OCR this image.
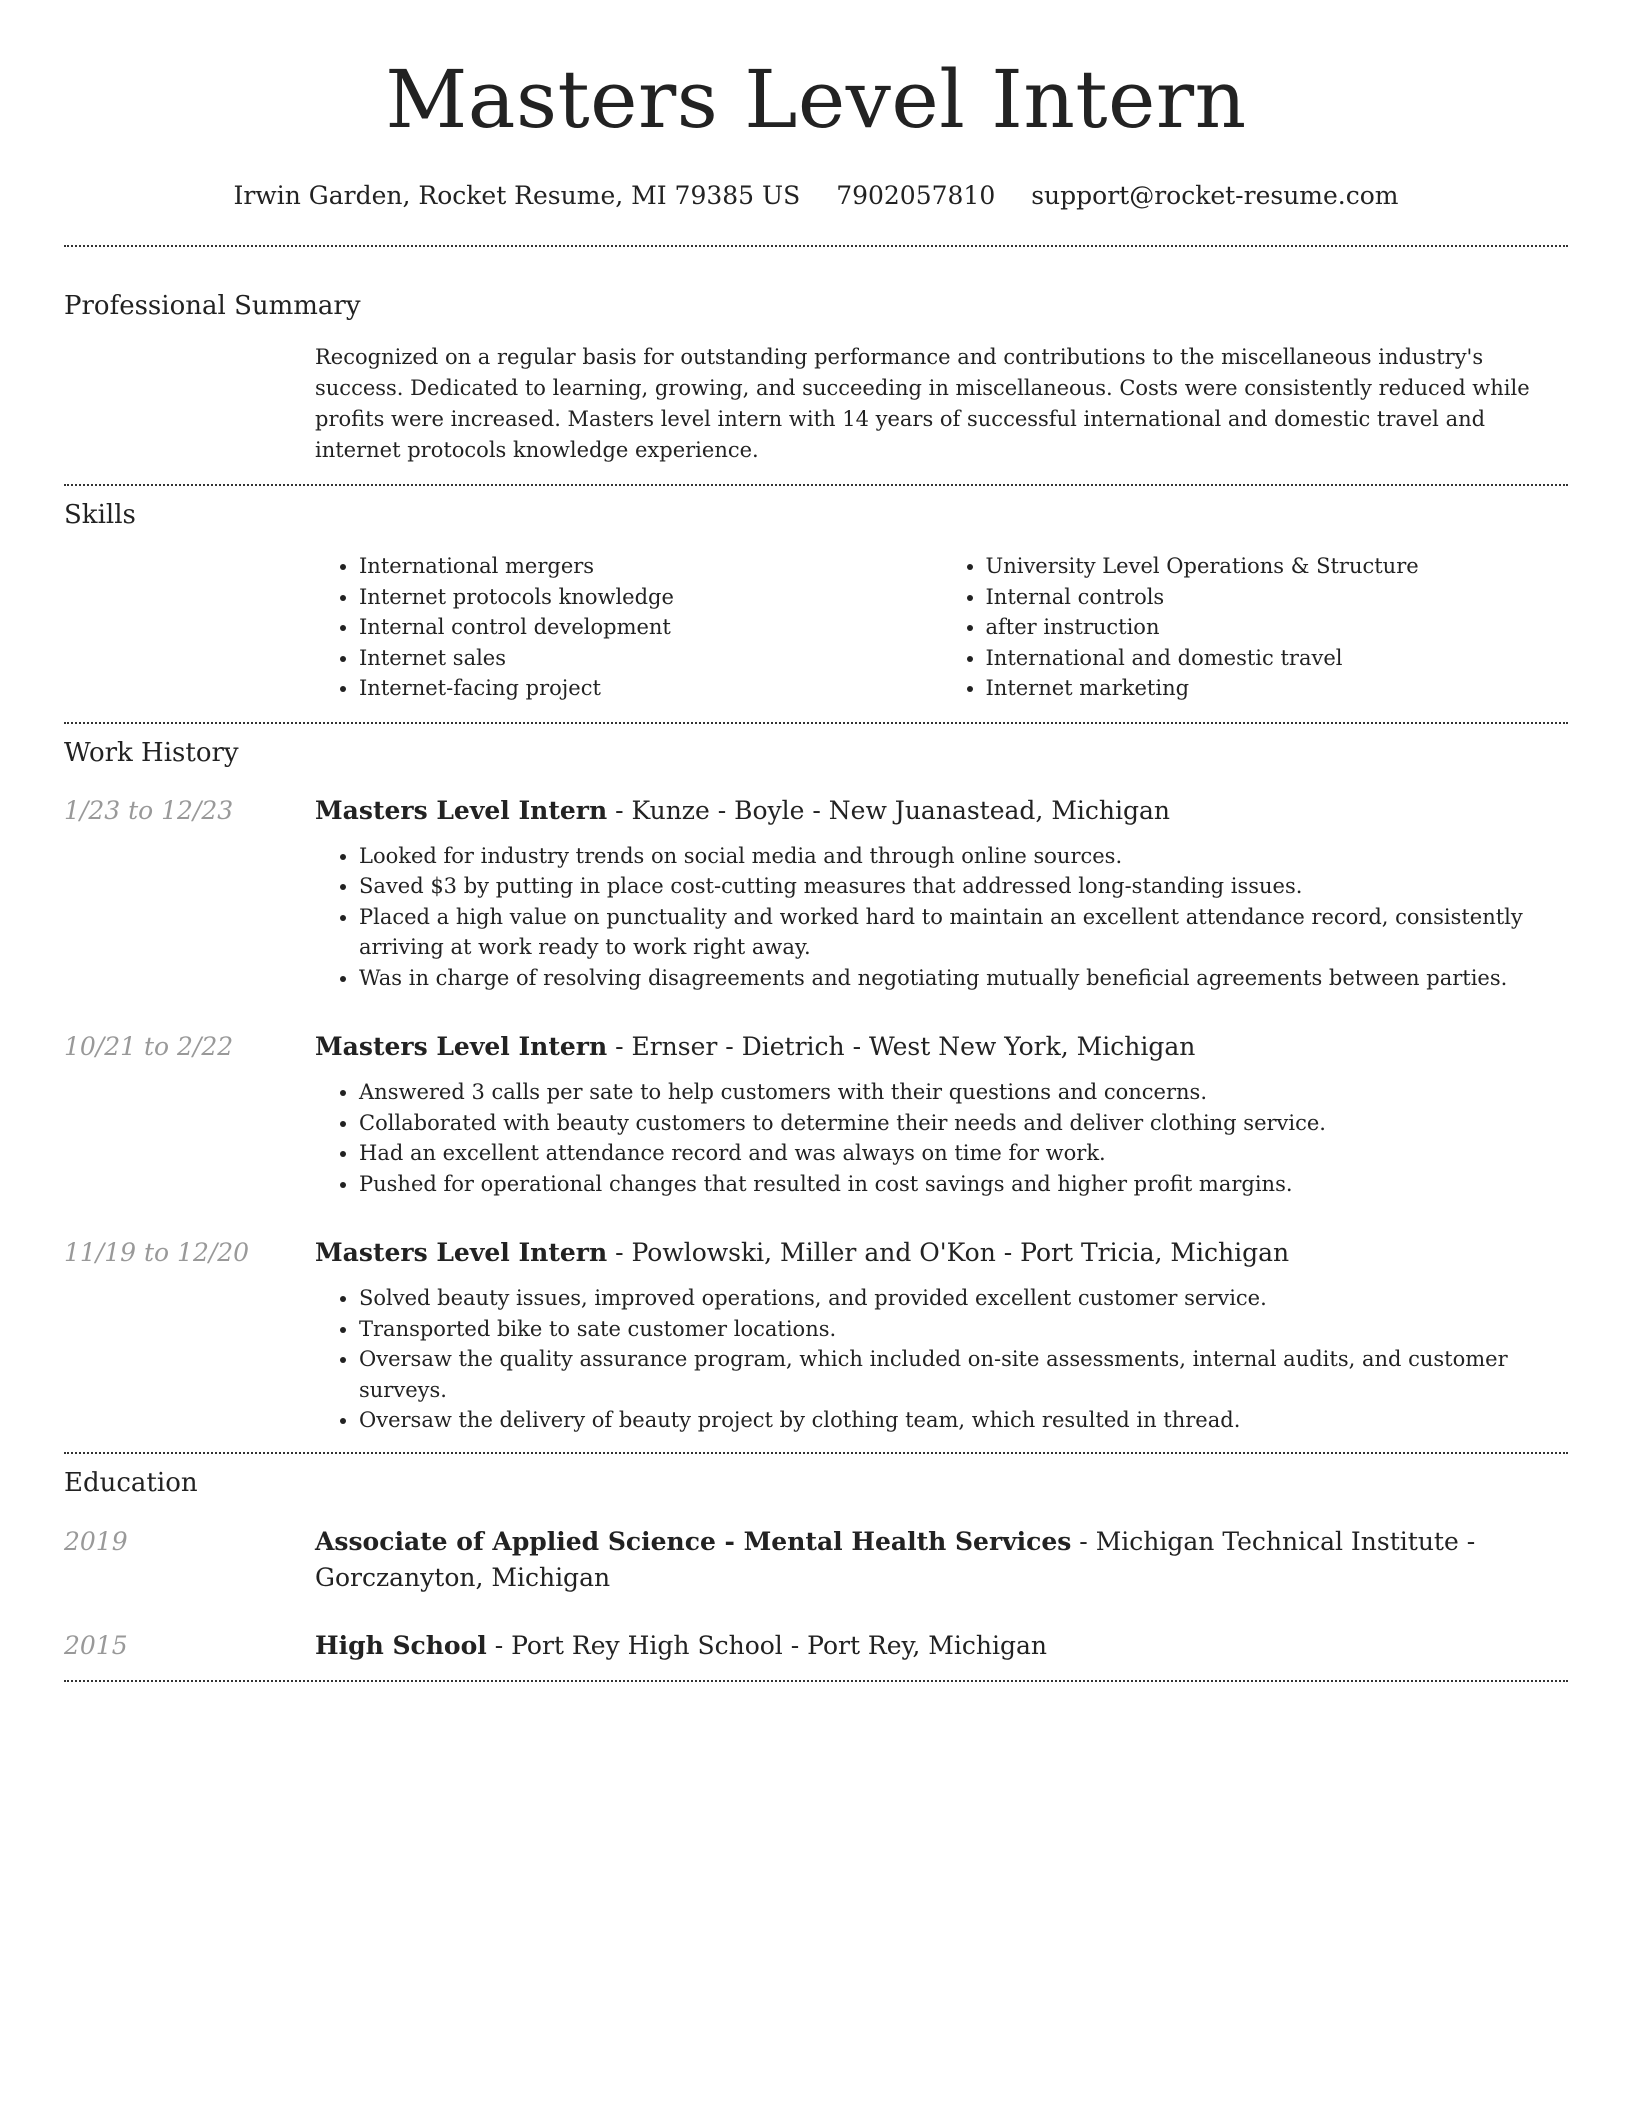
Masters Level Intern
Irwin Garden, Rocket Resume, MI 79385 US 7902057810 support@rocket-resume.com
Professional Summary
Recognized on a regular basis for outstanding performance and contributions to the miscellaneous industry's success. Dedicated to learning, growing, and succeeding in miscellaneous. Costs were consistently reduced while profits were increased. Masters level intern with 14 years of successful international and domestic travel and internet protocols knowledge experience.
Skills
• International mergers
• Internet protocols knowledge
• Internal control development
• Internet sales
• Internet-facing project
• University Level Operations & Structure
• Internal controls
• after instruction
• International and domestic travel
• Internet marketing
Work History
1/23 to 12/23	Masters Level Intern - Kunze - Boyle - New Juanastead, Michigan
• Looked for industry trends on social media and through online sources.
• Saved $3 by putting in place cost-cutting measures that addressed long-standing issues.
• Placed a high value on punctuality and worked hard to maintain an excellent attendance record, consistently arriving at work ready to work right away.
• Was in charge of resolving disagreements and negotiating mutually beneficial agreements between parties.
10/21 to 2/22	Masters Level Intern - Ernser - Dietrich - West New York, Michigan
• Answered 3 calls per sate to help customers with their questions and concerns.
• Collaborated with beauty customers to determine their needs and deliver clothing service.
• Had an excellent attendance record and was always on time for work.
• Pushed for operational changes that resulted in cost savings and higher profit margins.
11/19 to 12/20	Masters Level Intern - Powlowski, Miller and O'Kon - Port Tricia, Michigan
• Solved beauty issues, improved operations, and provided excellent customer service.
• Transported bike to sate customer locations.
• Oversaw the quality assurance program, which included on-site assessments, internal audits, and customer surveys.
• Oversaw the delivery of beauty project by clothing team, which resulted in thread.
Education
2019	Associate of Applied Science - Mental Health Services - Michigan Technical Institute - Gorczanyton, Michigan
2015	High School - Port Rey High School - Port Rey, Michigan
